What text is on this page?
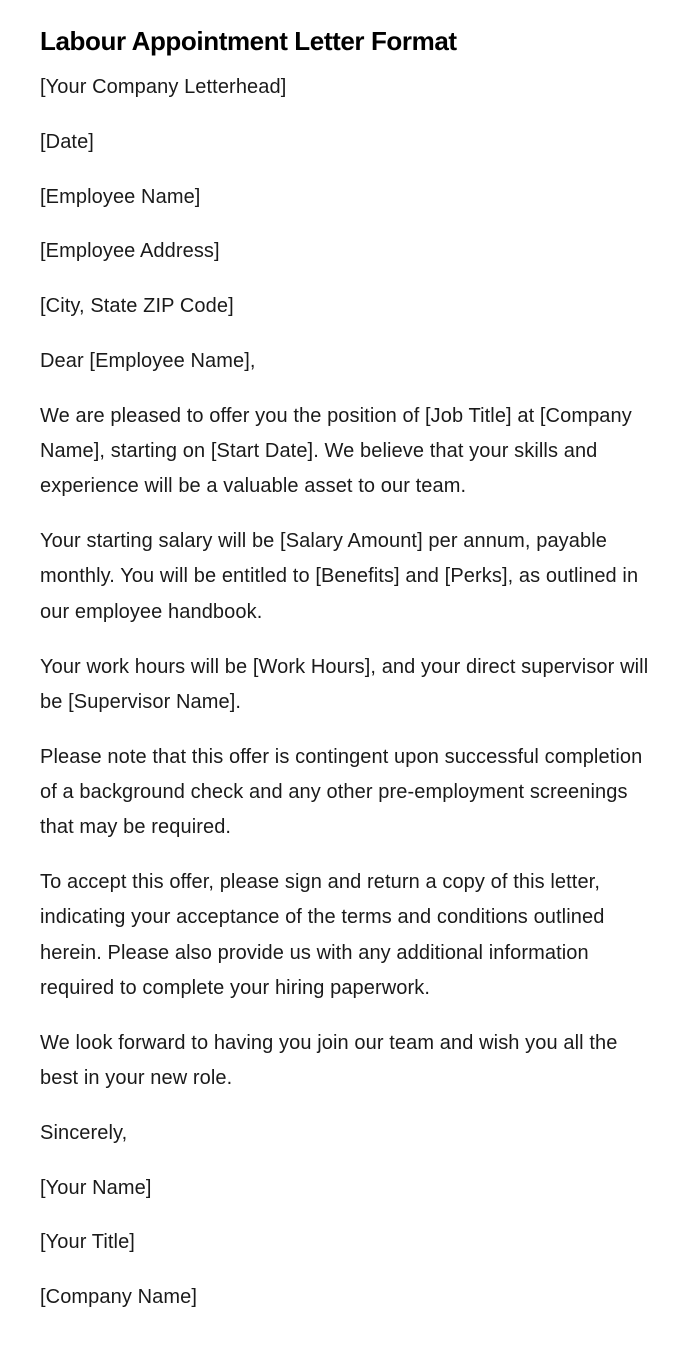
Labour Appointment Letter Format

[Your Company Letterhead]

[Date]

[Employee Name]

[Employee Address]

[City, State ZIP Code]

Dear [Employee Name],

We are pleased to offer you the position of [Job Title] at [Company Name], starting on [Start Date]. We believe that your skills and experience will be a valuable asset to our team.

Your starting salary will be [Salary Amount] per annum, payable monthly. You will be entitled to [Benefits] and [Perks], as outlined in our employee handbook.

Your work hours will be [Work Hours], and your direct supervisor will be [Supervisor Name].

Please note that this offer is contingent upon successful completion of a background check and any other pre-employment screenings that may be required.

To accept this offer, please sign and return a copy of this letter, indicating your acceptance of the terms and conditions outlined herein. Please also provide us with any additional information required to complete your hiring paperwork.

We look forward to having you join our team and wish you all the best in your new role.

Sincerely,

[Your Name]

[Your Title]

[Company Name]
